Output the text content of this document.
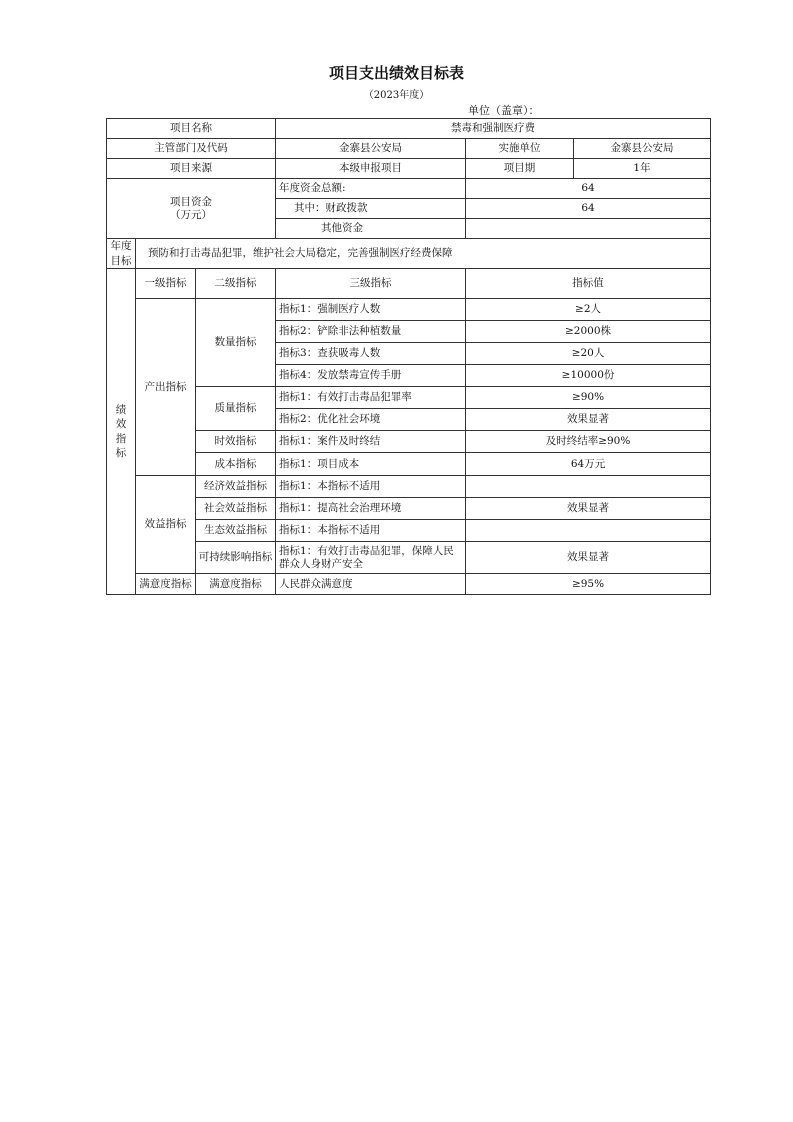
项目支出绩效目标表
（2023年度）
单位（盖章）：
项目名称			禁毒和强制医疗费		
主管部门及代码			金寨县公安局	实施单位	金寨县公安局
项目来源			本级申报项目	项目期	1年

项目资金
（万元）			年度资金总额:	64	
			其中：财政拨款	64	
			其他资金		

年度
目标	预防和打击毒品犯罪，维护社会大局稳定，完善强制医疗经费保障				

绩
效
指
标	一级指标	二级指标	三级指标	指标值	
	产出指标	数量指标	指标1：强制医疗人数	≥2人	
			指标2：铲除非法种植数量	≥2000株	
			指标3：查获吸毒人数	≥20人	
			指标4：发放禁毒宣传手册	≥10000份	
		质量指标	指标1：有效打击毒品犯罪率	≥90%	
			指标2：优化社会环境	效果显著	
		时效指标	指标1：案件及时终结	及时终结率≥90%	
		成本指标	指标1：项目成本	64万元	
	效益指标	经济效益指标	指标1：本指标不适用		
		社会效益指标	指标1：提高社会治理环境	效果显著	
		生态效益指标	指标1：本指标不适用		
		可持续影响指标	指标1：有效打击毒品犯罪，保障人民群众人身财产安全	效果显著	
	满意度指标	满意度指标	人民群众满意度	≥95%	
